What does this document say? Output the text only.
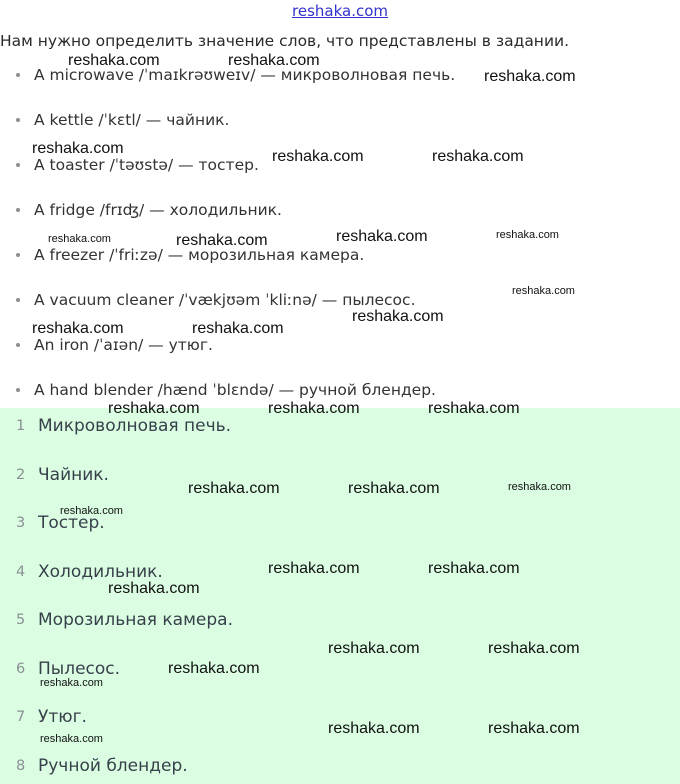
reshaka.com
Нам нужно определить значение слов, что представлены в задании.
A microwave /ˈmaɪkrəʊweɪv/ — микроволновая печь.
A kettle /ˈkɛtl/ — чайник.
A toaster /ˈtəʊstə/ — тостер.
A fridge /frɪʤ/ — холодильник.
A freezer /ˈfriːzə/ — морозильная камера.
A vacuum cleaner /ˈvækjʊəm ˈkliːnə/ — пылесос.
An iron /ˈaɪən/ — утюг.
A hand blender /hænd ˈblɛndə/ — ручной блендер.
1 Микроволновая печь.
2 Чайник.
3 Тостер.
4 Холодильник.
5 Морозильная камера.
6 Пылесос.
7 Утюг.
8 Ручной блендер.
reshaka.com	reshaka.com
reshaka.com
reshaka.com	reshaka.com	reshaka.com
reshaka.com	reshaka.com	reshaka.com	reshaka.com
reshaka.com
reshaka.com
reshaka.com	reshaka.com
reshaka.com	reshaka.com	reshaka.com
reshaka.com	reshaka.com	reshaka.com
reshaka.com
reshaka.com	reshaka.com
reshaka.com
reshaka.com	reshaka.com
reshaka.com
reshaka.com
reshaka.com	reshaka.com
reshaka.com
